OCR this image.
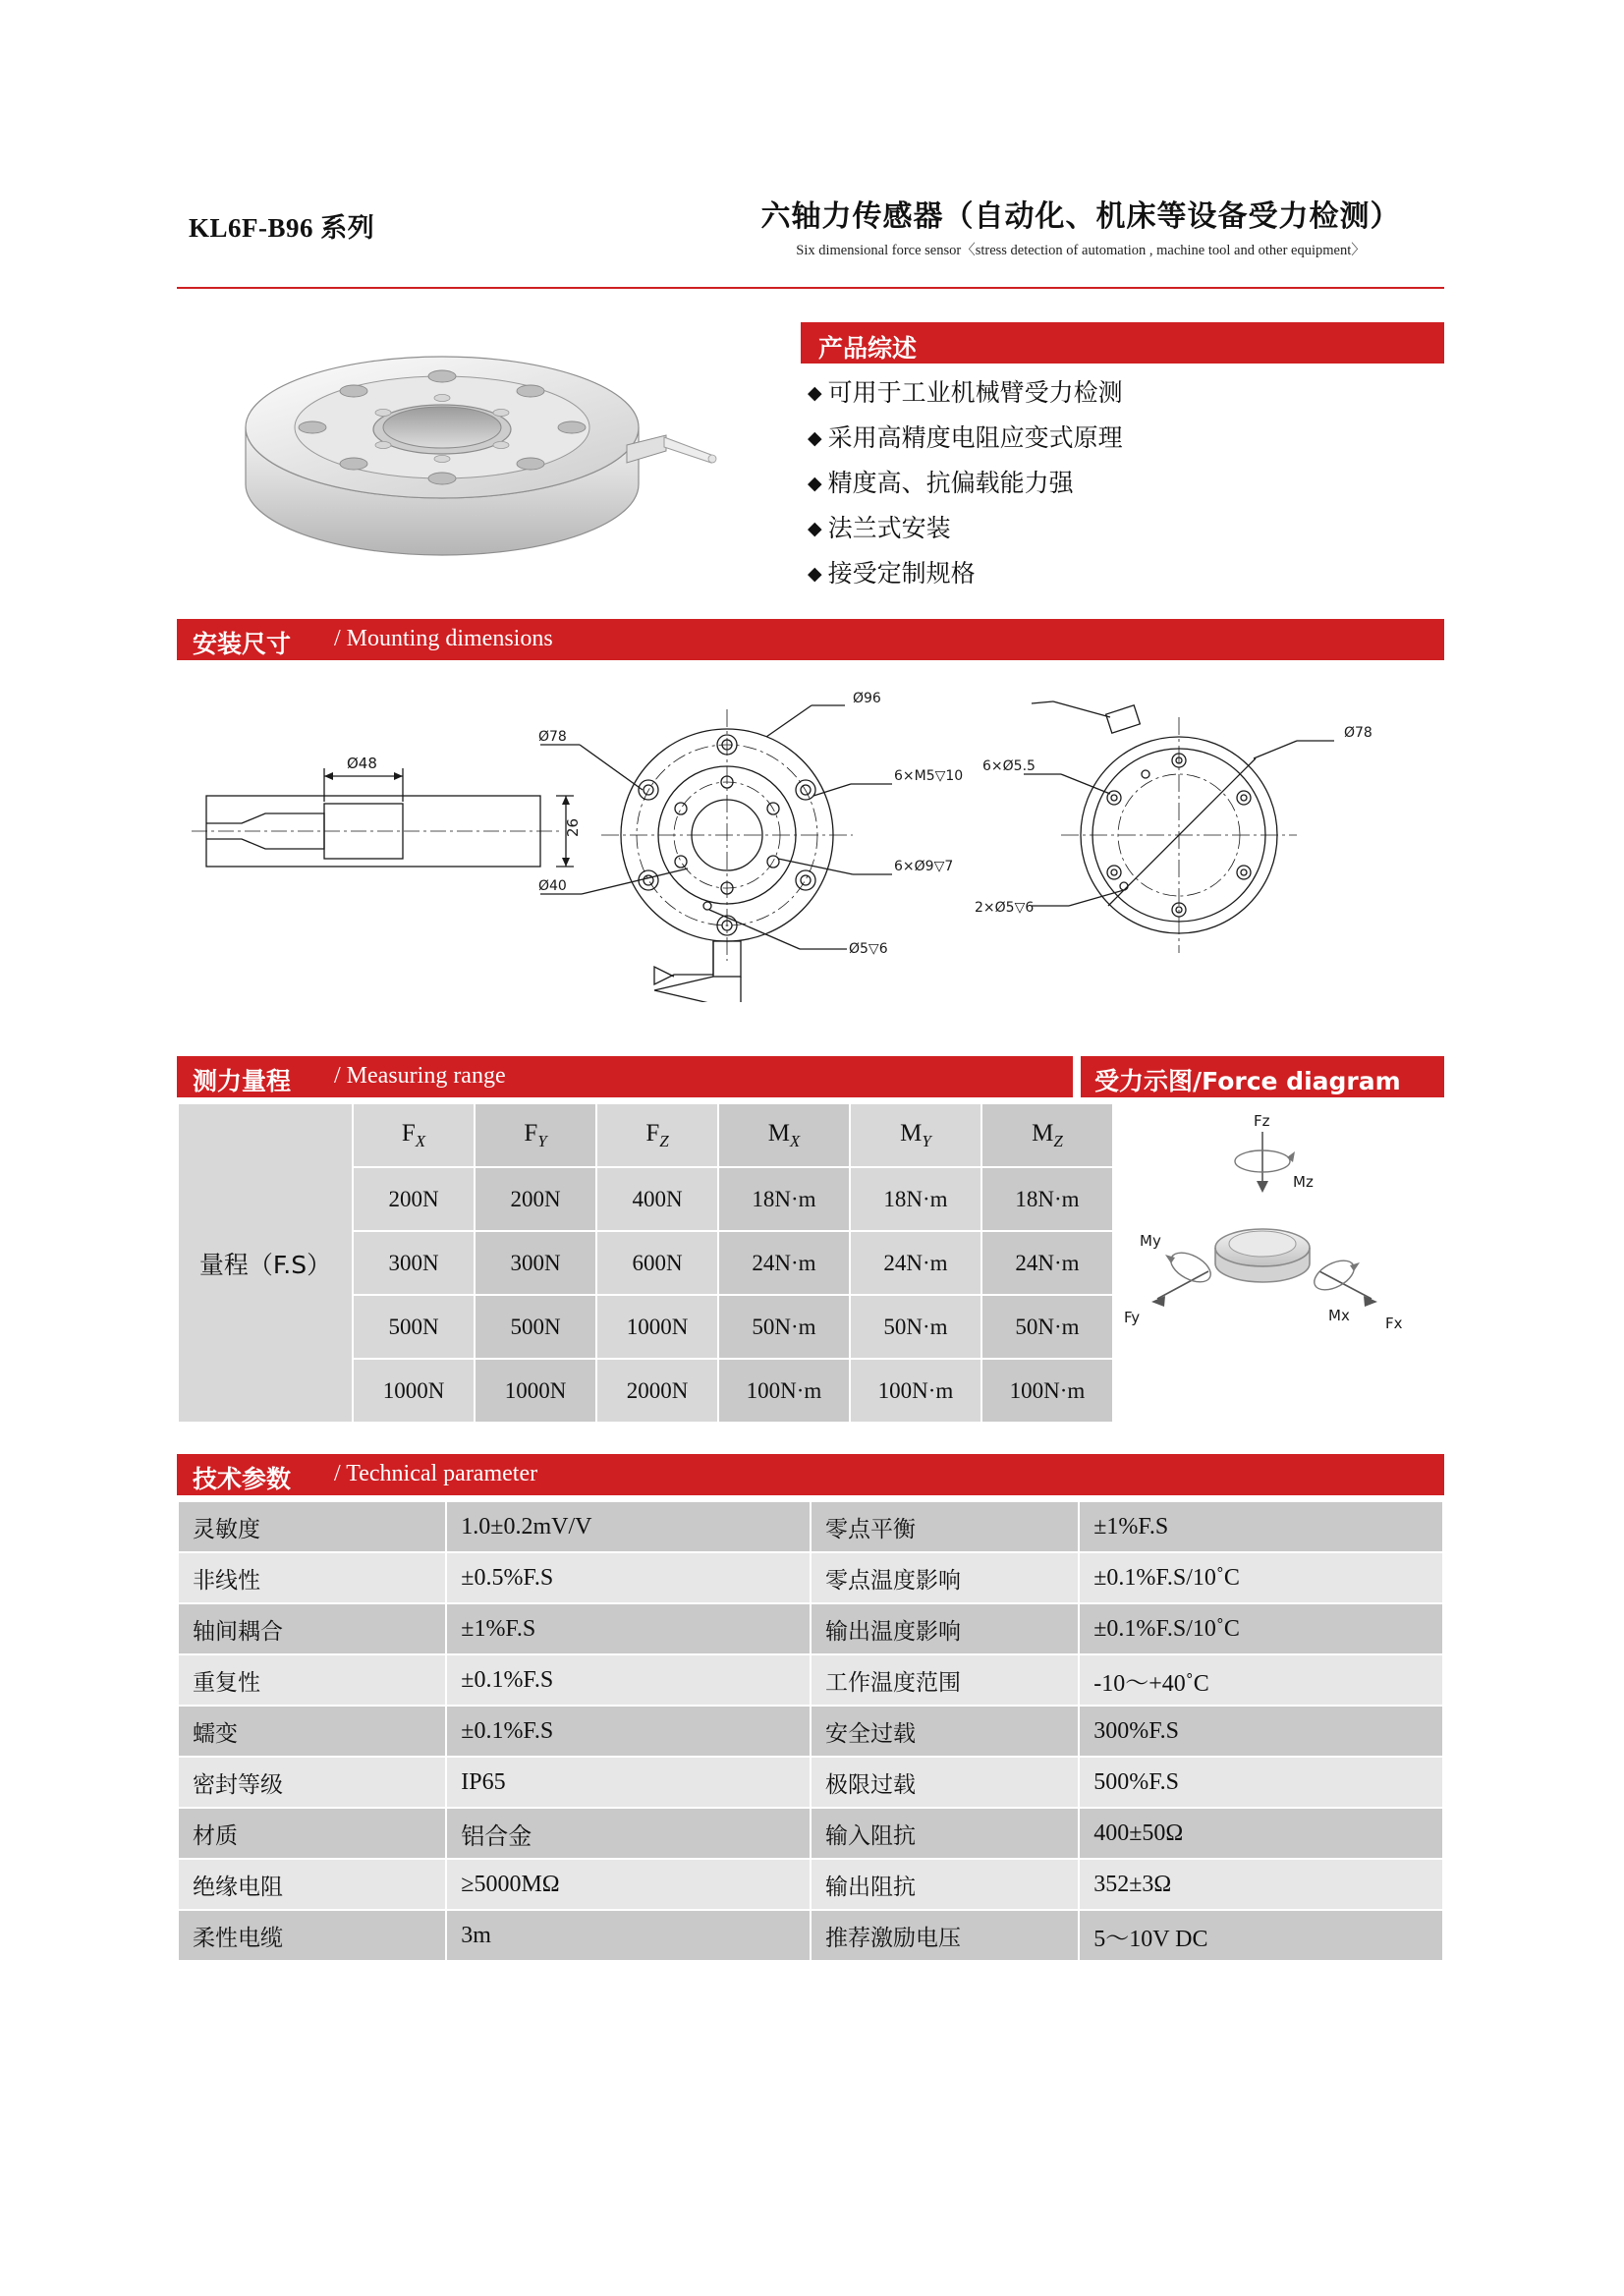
KL6F-B96 系列	六轴力传感器（自动化、机床等设备受力检测）
Six dimensional force sensor〈stress detection of automation , machine tool and other equipment〉
产品综述
◆ 可用于工业机械臂受力检测
◆ 采用高精度电阻应变式原理
◆ 精度高、抗偏载能力强
◆ 法兰式安装
◆ 接受定制规格
安装尺寸 / Mounting dimensions
Ø48
26
Ø96
Ø78
Ø40
6×M5▽10
6×Ø9▽7
Ø5▽6
Ø78
6×Ø5.5
2×Ø5▽6
测力量程 / Measuring range
量程（F.S）	$F_X$	$F_Y$	$F_Z$	$M_X$	$M_Y$	$M_Z$
	200N	200N	400N	18N·m	18N·m	18N·m
	300N	300N	600N	24N·m	24N·m	24N·m
	500N	500N	1000N	50N·m	50N·m	50N·m
	1000N	1000N	2000N	100N·m	100N·m	100N·m
受力示图/Force diagram
Fz
Mz
My
Fy	Mx Fx
技术参数 / Technical parameter
灵敏度	1.0±0.2mV/V	零点平衡	±1%F.S
非线性	±0.5%F.S	零点温度影响	±0.1%F.S/10˚C
轴间耦合	±1%F.S	输出温度影响	±0.1%F.S/10˚C
重复性	±0.1%F.S	工作温度范围	-10〜+40˚C
蠕变	±0.1%F.S	安全过载	300%F.S
密封等级	IP65	极限过载	500%F.S
材质	铝合金	输入阻抗	400±50Ω
绝缘电阻	≥5000MΩ	输出阻抗	352±3Ω
柔性电缆	3m	推荐激励电压	5〜10V DC
